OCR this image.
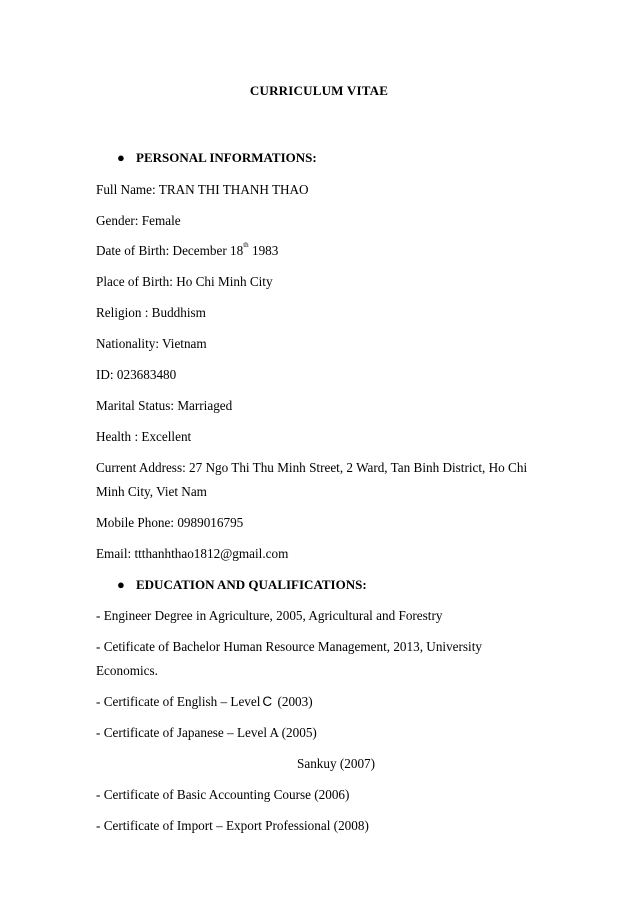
CURRICULUM VITAE
● PERSONAL INFORMATIONS:
Full Name: TRAN THI THANH THAO
Gender: Female
Date of Birth: December 18th 1983
Place of Birth: Ho Chi Minh City
Religion : Buddhism
Nationality: Vietnam
ID: 023683480
Marital Status: Marriaged
Health : Excellent
Current Address: 27 Ngo Thi Thu Minh Street, 2 Ward, Tan Binh District, Ho Chi
Minh City, Viet Nam
Mobile Phone: 0989016795
Email: ttthanhthao1812@gmail.com
● EDUCATION AND QUALIFICATIONS:
- Engineer Degree in Agriculture, 2005, Agricultural and Forestry
- Cetificate of Bachelor Human Resource Management, 2013, University
Economics.
- Certificate of English – Level C (2003)
- Certificate of Japanese – Level A (2005)
Sankuy (2007)
- Certificate of Basic Accounting Course (2006)
- Certificate of Import – Export Professional (2008)
